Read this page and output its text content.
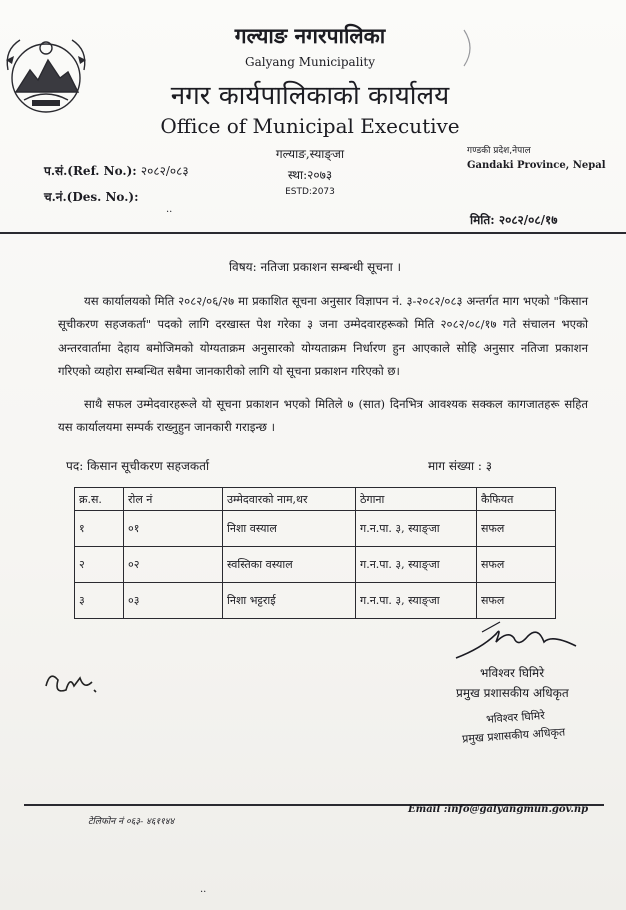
गल्याङ नगरपालिका
Galyang Municipality
नगर कार्यपालिकाको कार्यालय
Office of Municipal Executive
गल्याङ,स्याङ्जा
स्था:२०७३
ESTD:2073
गण्डकी प्रदेश,नेपाल
Gandaki Province, Nepal
प.सं.(Ref. No.): २०८२/०८३
च.नं.(Des. No.):
..
मिति: २०८२/०८/१७
विषय: नतिजा प्रकाशन सम्बन्धी सूचना ।
यस कार्यालयको मिति २०८२/०६/२७ मा प्रकाशित सूचना अनुसार विज्ञापन नं. ३-२०८२/०८३ अन्तर्गत माग भएको "किसान सूचीकरण सहजकर्ता" पदको लागि दरखास्त पेश गरेका ३ जना उम्मेदवारहरूको मिति २०८२/०८/१७ गते संचालन भएको अन्तरवार्तामा देहाय बमोजिमको योग्यताक्रम अनुसारको योग्यताक्रम निर्धारण हुन आएकाले सोहि अनुसार नतिजा प्रकाशन गरिएको व्यहोरा सम्बन्धित सबैमा जानकारीको लागि यो सूचना प्रकाशन गरिएको छ।
साथै सफल उम्मेदवारहरूले यो सूचना प्रकाशन भएको मितिले ७ (सात) दिनभित्र आवश्यक सक्कल कागजातहरू सहित यस कार्यालयमा सम्पर्क राख्नुहुन जानकारी गराइन्छ ।
पद: किसान सूचीकरण सहजकर्ता	माग संख्या : ३
क्र.स.	रोल नं	उम्मेदवारको नाम,थर	ठेगाना	कैफियत
१	०१	निशा वस्याल	ग.न.पा. ३, स्याङ्जा	सफल
२	०२	स्वस्तिका वस्याल	ग.न.पा. ३, स्याङ्जा	सफल
३	०३	निशा भट्टराई	ग.न.पा. ३, स्याङ्जा	सफल
भविश्वर घिमिरे
प्रमुख प्रशासकीय अधिकृत
भविश्वर घिमिरे
प्रमुख प्रशासकीय अधिकृत
टेलिफोन नं ०६३- ४६११४४
Email :info@galyangmun.gov.np
..
